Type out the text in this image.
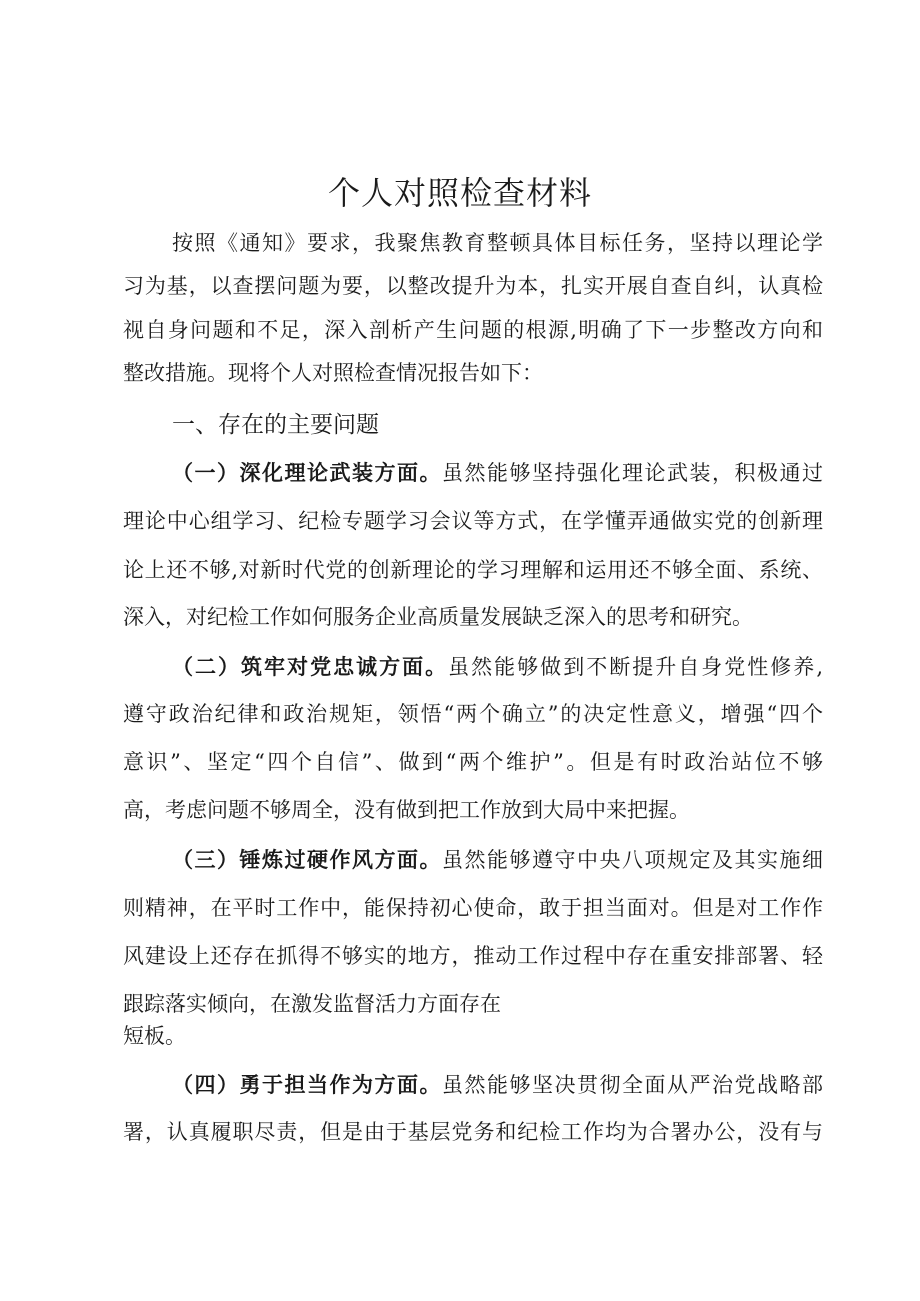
个人对照检查材料
按照《通知》要求，我聚焦教育整顿具体目标任务，坚持以理论学
习为基，以查摆问题为要，以整改提升为本，扎实开展自查自纠，认真检
视自身问题和不足，深入剖析产生问题的根源,明确了下一步整改方向和
整改措施。现将个人对照检查情况报告如下：
一、存在的主要问题
（一）深化理论武装方面。虽然能够坚持强化理论武装，积极通过
理论中心组学习、纪检专题学习会议等方式，在学懂弄通做实党的创新理
论上还不够,对新时代党的创新理论的学习理解和运用还不够全面、系统、
深入，对纪检工作如何服务企业高质量发展缺乏深入的思考和研究。
（二）筑牢对党忠诚方面。虽然能够做到不断提升自身党性修养,
遵守政治纪律和政治规矩，领悟“两个确立”的决定性意义，增强“四个
意识”、坚定“四个自信”、做到“两个维护”。但是有时政治站位不够
高，考虑问题不够周全，没有做到把工作放到大局中来把握。
（三）锤炼过硬作风方面。虽然能够遵守中央八项规定及其实施细
则精神，在平时工作中，能保持初心使命，敢于担当面对。但是对工作作
风建设上还存在抓得不够实的地方，推动工作过程中存在重安排部署、轻
跟踪落实倾向，在激发监督活力方面存在
短板。
（四）勇于担当作为方面。虽然能够坚决贯彻全面从严治党战略部
署，认真履职尽责，但是由于基层党务和纪检工作均为合署办公，没有与
